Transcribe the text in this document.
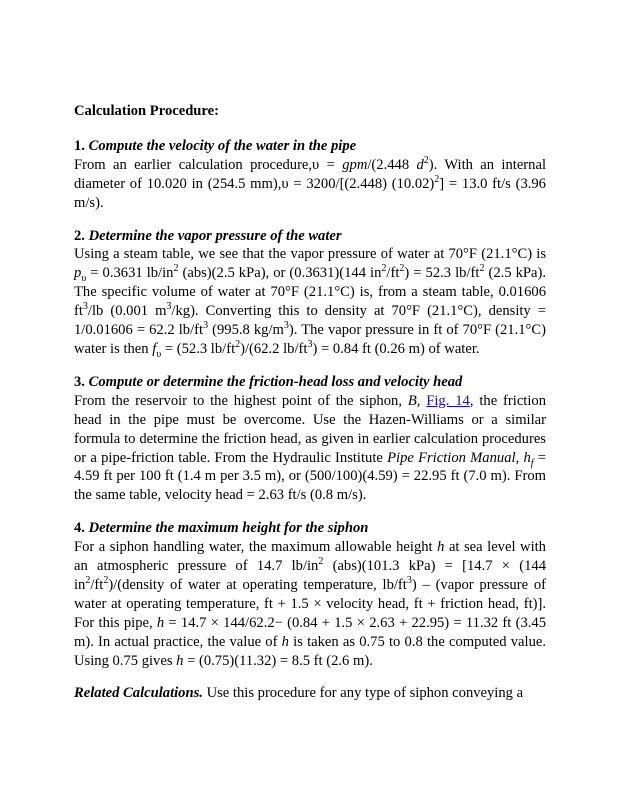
Calculation Procedure:

1. Compute the velocity of the water in the pipe

From an earlier calculation procedure,υ = gpm/(2.448 $d^2$). With an internal diameter of 10.020 in (254.5 mm),υ = 3200/[(2.448) $(10.02)^2] = 13.0$ ft/s (3.96 m/s).

2. Determine the vapor pressure of the water

Using a steam table, we see that the vapor pressure of water at 70°F (21.1°C) is $p_\upsilon = 0.3631$ $lb/in^2$ (abs)(2.5 kPa), or (0.3631)(144 $in^2/ft^2) = 52.3$ $lb/ft^2$ (2.5 kPa). The specific volume of water at 70°F (21.1°C) is, from a steam table, 0.01606 $ft^3/lb$ (0.001 $m^3/kg$). Converting this to density at 70°F (21.1°C), density = 1/0.01606 = 62.2 $lb/ft^3$ (995.8 $kg/m^3$). The vapor pressure in ft of 70°F (21.1°C) water is then $f_\upsilon = (52.3$ $lb/ft^2)/(62.2$ $lb/ft^3) = 0.84$ ft (0.26 m) of water.

3. Compute or determine the friction-head loss and velocity head

From the reservoir to the highest point of the siphon, B, Fig. 14, the friction head in the pipe must be overcome. Use the Hazen-Williams or a similar formula to determine the friction head, as given in earlier calculation procedures or a pipe-friction table. From the Hydraulic Institute Pipe Friction Manual, $h_f = 4.59$ ft per 100 ft (1.4 m per 3.5 m), or (500/100)(4.59) = 22.95 ft (7.0 m). From the same table, velocity head = 2.63 ft/s (0.8 m/s).

4. Determine the maximum height for the siphon

For a siphon handling water, the maximum allowable height h at sea level with an atmospheric pressure of 14.7 $lb/in^2$ (abs)(101.3 kPa) = [14.7 × (144 $in^2/ft^2)/(density$ of water at operating temperature, $lb/ft^3$) – (vapor pressure of water at operating temperature, ft + 1.5 × velocity head, ft + friction head, ft)]. For this pipe, h = 14.7 × 144/62.2− (0.84 + 1.5 × 2.63 + 22.95) = 11.32 ft (3.45 m). In actual practice, the value of h is taken as 0.75 to 0.8 the computed value. Using 0.75 gives h = (0.75)(11.32) = 8.5 ft (2.6 m).

Related Calculations. Use this procedure for any type of siphon conveying a
